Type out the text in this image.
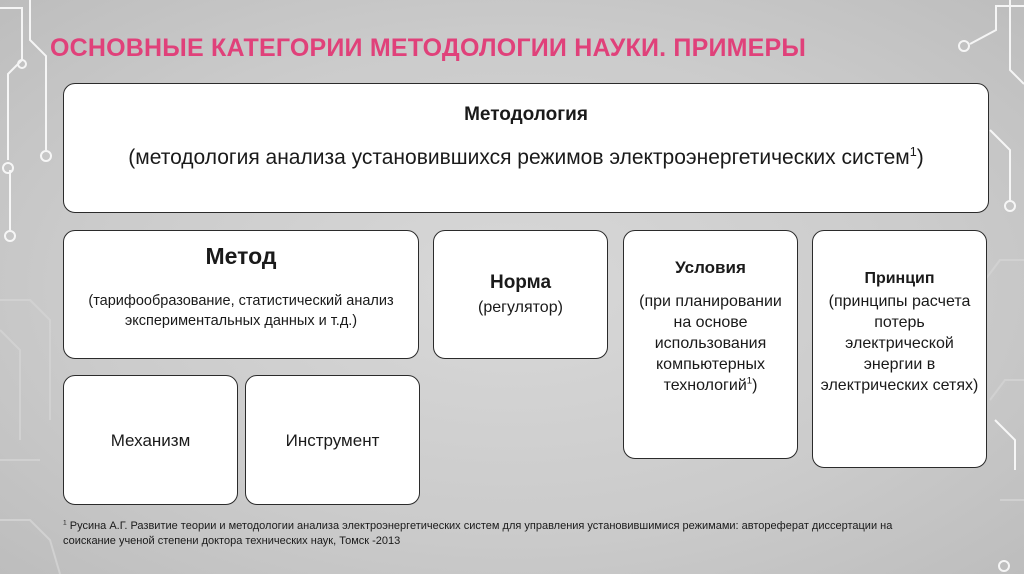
ОСНОВНЫЕ КАТЕГОРИИ МЕТОДОЛОГИИ НАУКИ. ПРИМЕРЫ
Методология
(методология анализа установившихся режимов электроэнергетических систем$^1$)
Метод
(тарифообразование, статистический анализ экспериментальных данных и т.д.)
Норма
(регулятор)
Условия
(при планировании на основе использования компьютерных технологий$^1$)
Принцип
(принципы расчета потерь электрической энергии в электрических сетях)
Механизм	Инструмент
$^1$ Русина А.Г. Развитие теории и методологии анализа электроэнергетических систем для управления установившимися режимами: автореферат диссертации на соискание ученой степени доктора технических наук, Томск -2013
